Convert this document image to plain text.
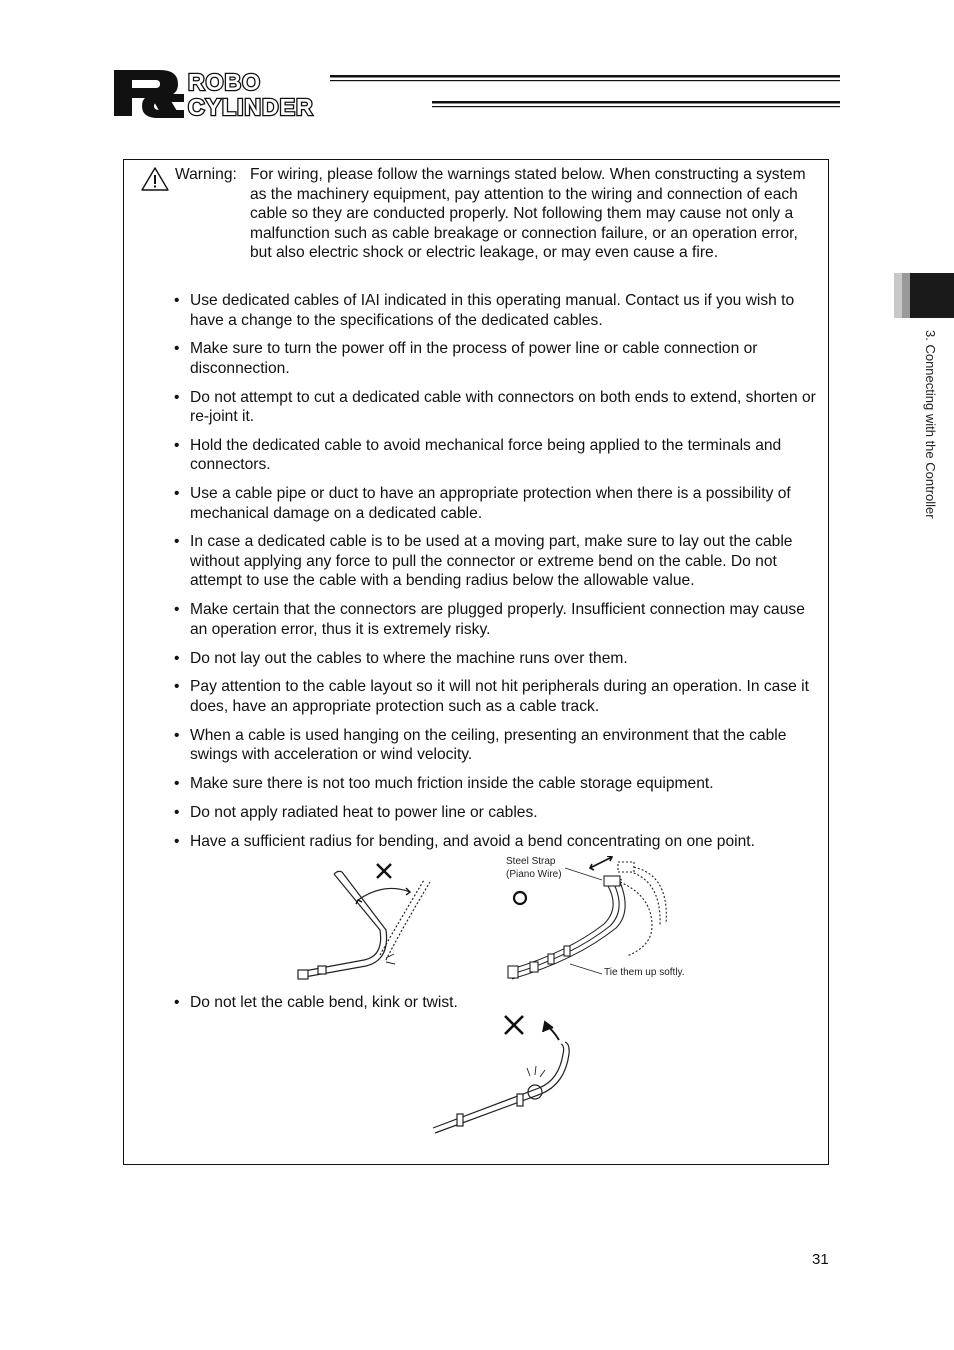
ROBO
CYLINDER
3. Connecting with the Controller
Warning: For wiring, please follow the warnings stated below. When constructing a system as the machinery equipment, pay attention to the wiring and connection of each cable so they are conducted properly. Not following them may cause not only a malfunction such as cable breakage or connection failure, or an operation error, but also electric shock or electric leakage, or may even cause a fire.
• Use dedicated cables of IAI indicated in this operating manual. Contact us if you wish to have a change to the specifications of the dedicated cables.
• Make sure to turn the power off in the process of power line or cable connection or disconnection.
• Do not attempt to cut a dedicated cable with connectors on both ends to extend, shorten or re-joint it.
• Hold the dedicated cable to avoid mechanical force being applied to the terminals and connectors.
• Use a cable pipe or duct to have an appropriate protection when there is a possibility of mechanical damage on a dedicated cable.
• In case a dedicated cable is to be used at a moving part, make sure to lay out the cable without applying any force to pull the connector or extreme bend on the cable. Do not attempt to use the cable with a bending radius below the allowable value.
• Make certain that the connectors are plugged properly. Insufficient connection may cause an operation error, thus it is extremely risky.
• Do not lay out the cables to where the machine runs over them.
• Pay attention to the cable layout so it will not hit peripherals during an operation. In case it does, have an appropriate protection such as a cable track.
• When a cable is used hanging on the ceiling, presenting an environment that the cable swings with acceleration or wind velocity.
• Make sure there is not too much friction inside the cable storage equipment.
• Do not apply radiated heat to power line or cables.
• Have a sufficient radius for bending, and avoid a bend concentrating on one point.
Steel Strap
(Piano Wire)
Tie them up softly.
• Do not let the cable bend, kink or twist.
31
